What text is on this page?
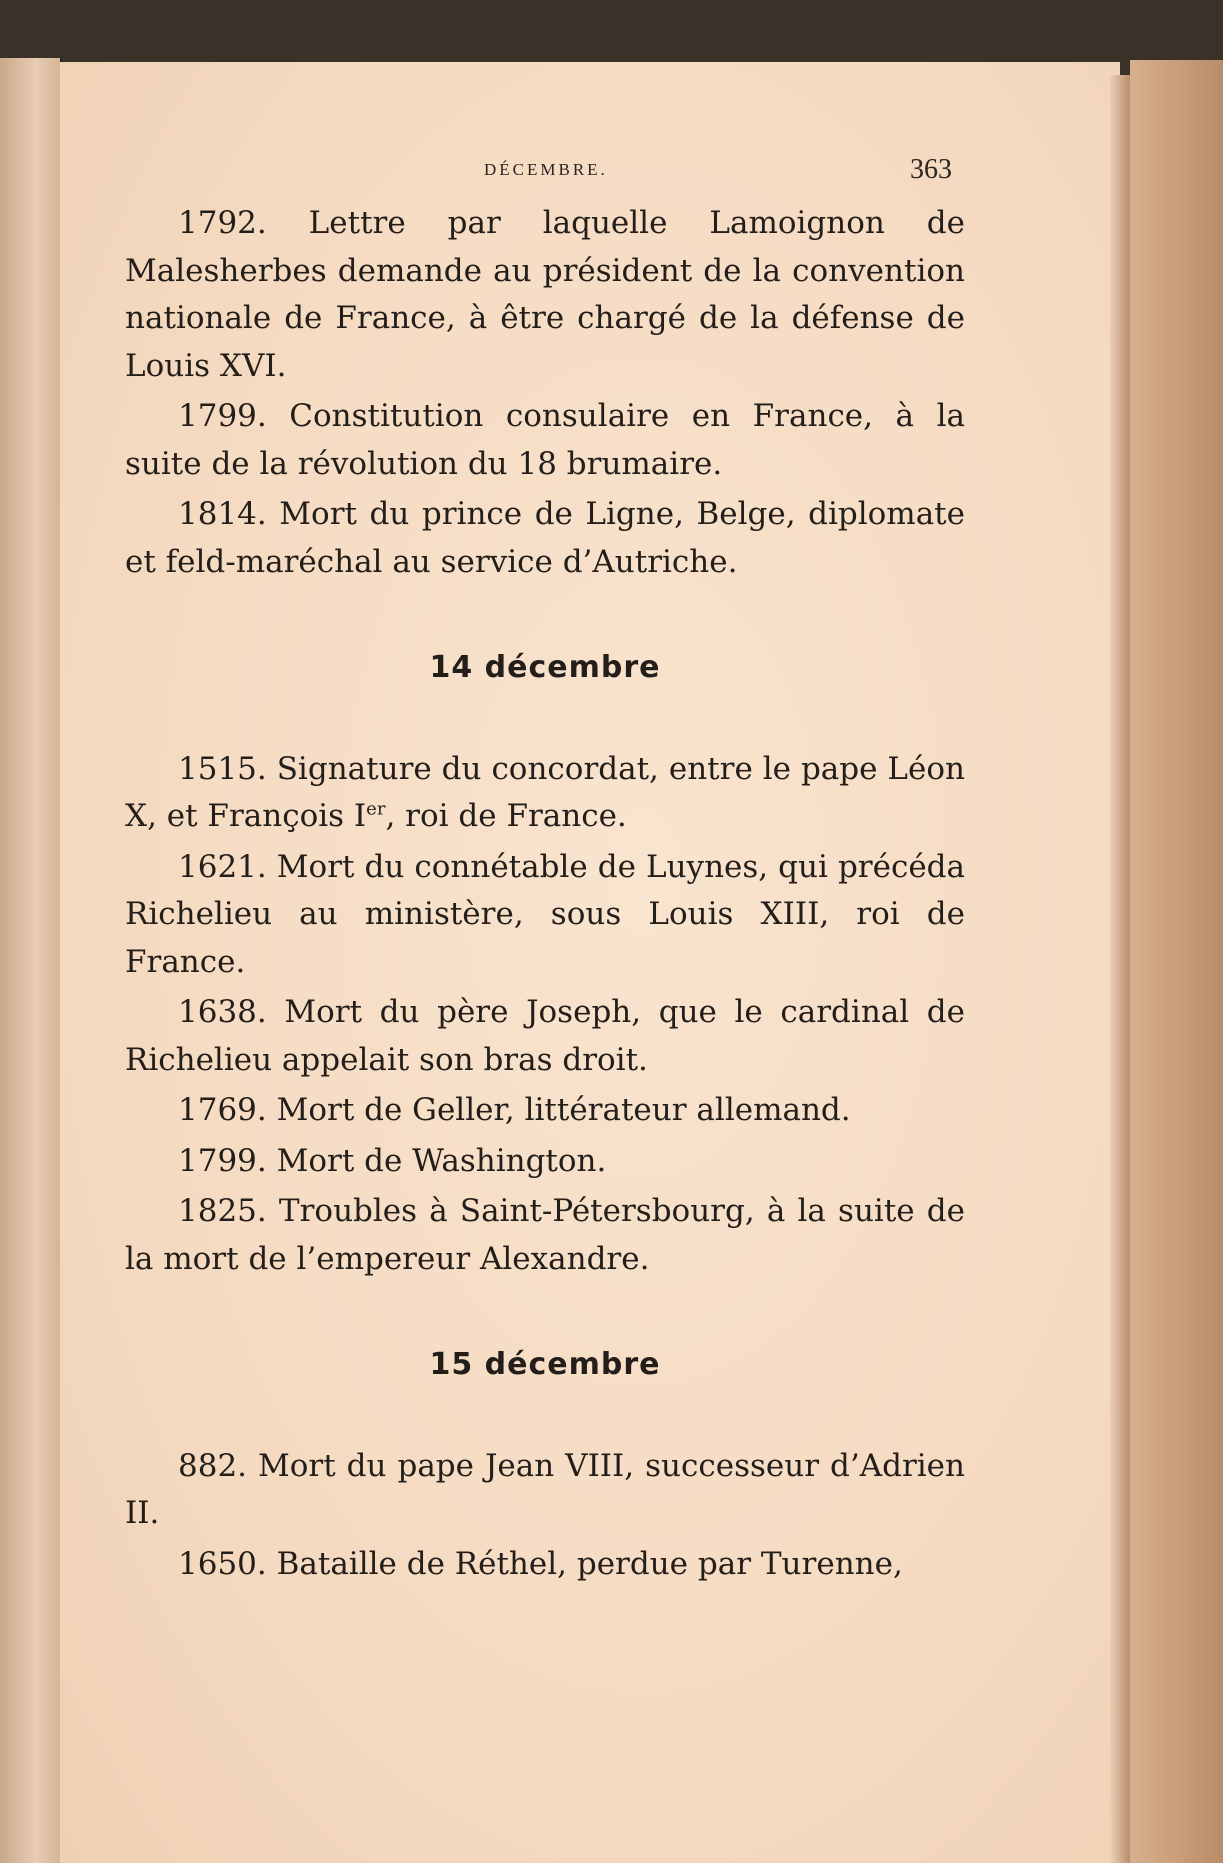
DÉCEMBRE.	363

1792. Lettre par laquelle Lamoignon de Malesherbes demande au président de la convention nationale de France, à être chargé de la défense de Louis XVI.

1799. Constitution consulaire en France, à la suite de la révolution du 18 brumaire.

1814. Mort du prince de Ligne, Belge, diplomate et feld-maréchal au service d’Autriche.

14 décembre

1515. Signature du concordat, entre le pape Léon X, et François Ier, roi de France.

1621. Mort du connétable de Luynes, qui précéda Richelieu au ministère, sous Louis XIII, roi de France.

1638. Mort du père Joseph, que le cardinal de Richelieu appelait son bras droit.

1769. Mort de Geller, littérateur allemand.

1799. Mort de Washington.

1825. Troubles à Saint-Pétersbourg, à la suite de la mort de l’empereur Alexandre.

15 décembre

882. Mort du pape Jean VIII, successeur d’Adrien II.

1650. Bataille de Réthel, perdue par Turenne,
